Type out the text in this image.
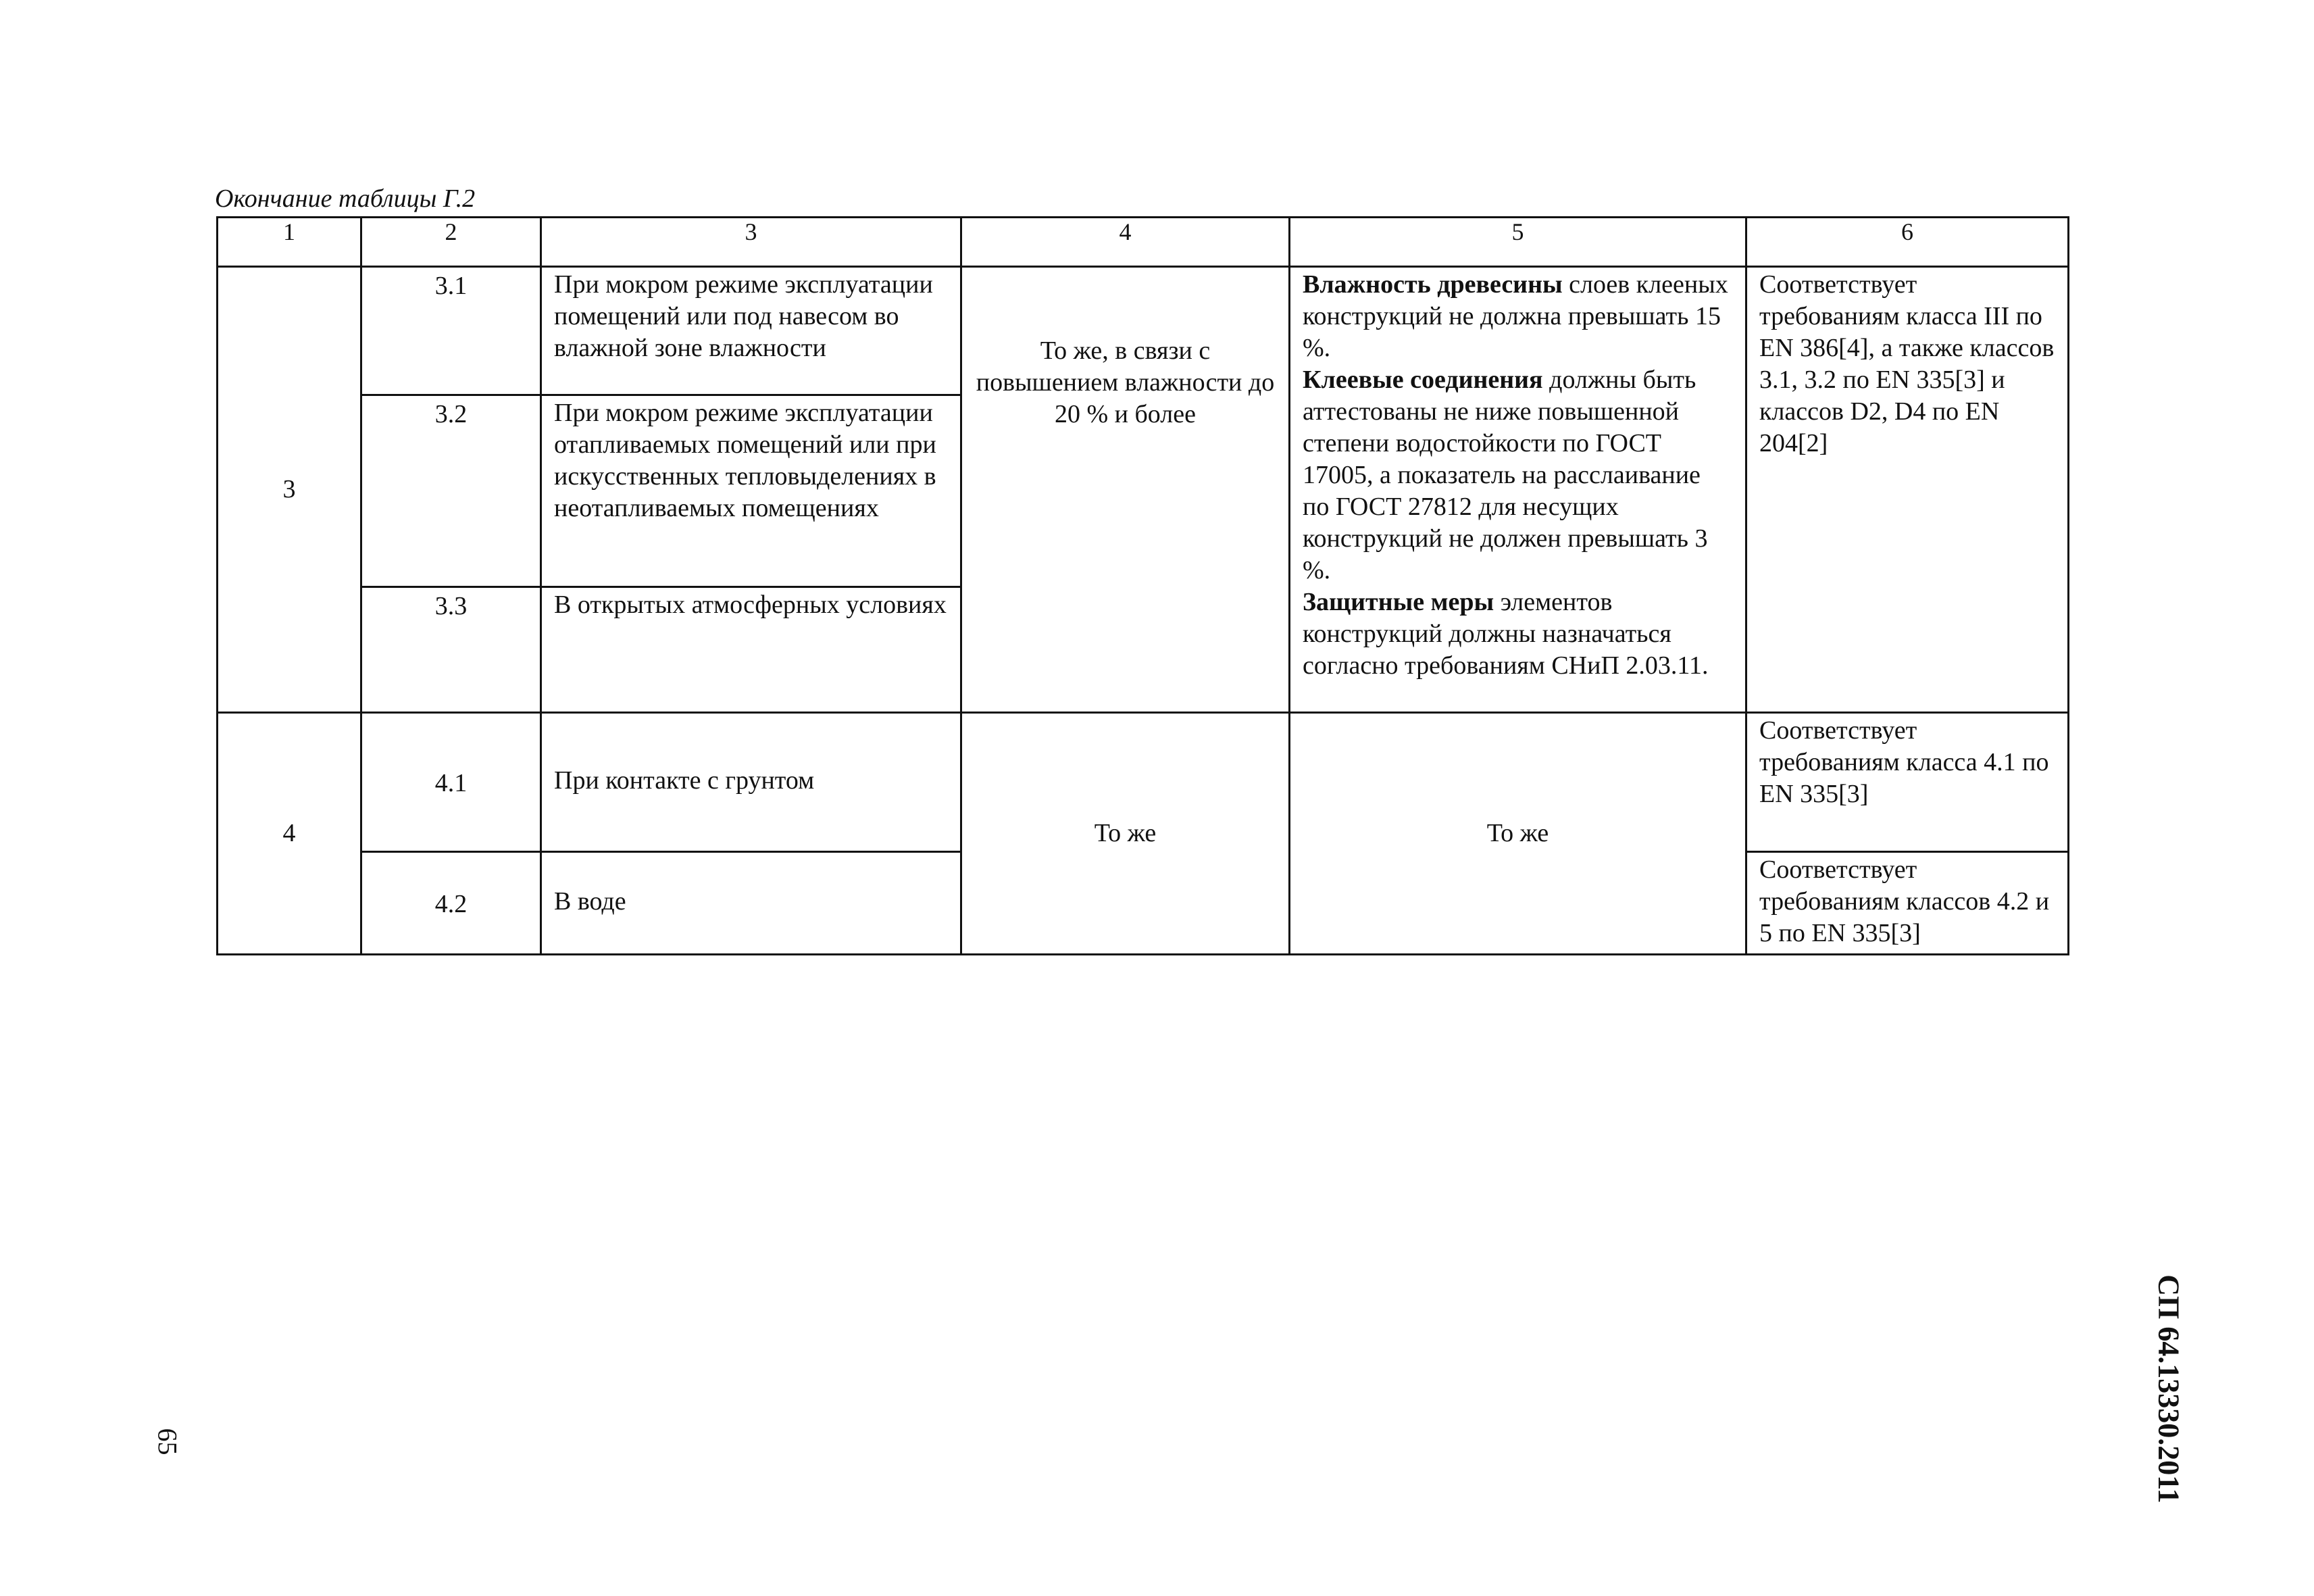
Окончание таблицы Г.2
1	2	3	4	5	6
3	3.1	При мокром режиме эксплуатации помещений или под навесом во влажной зоне влажности	То же, в связи с повышением влажности до 20 % и более	Влажность древесины слоев клееных конструкций не должна превышать 15 %.
Клеевые соединения должны быть аттестованы не ниже повышенной степени водостойкости по ГОСТ 17005, а показатель на расслаивание по ГОСТ 27812 для несущих конструкций не должен превышать 3 %.
Защитные меры элементов конструкций должны назначаться согласно требованиям СНиП 2.03.11.	Соответствует требованиям класса III по EN 386[4], а также классов 3.1, 3.2 по EN 335[3] и классов D2, D4 по EN 204[2]
	3.2	При мокром режиме эксплуатации отапливаемых помещений или при искусственных тепловыделениях в неотапливаемых помещениях			
	3.3	В открытых атмосферных условиях			
4	4.1	При контакте с грунтом	То же	То же	Соответствует требованиям класса 4.1 по EN 335[3]
	4.2	В воде			Соответствует требованиям классов 4.2 и 5 по EN 335[3]
65	СП 64.13330.2011
